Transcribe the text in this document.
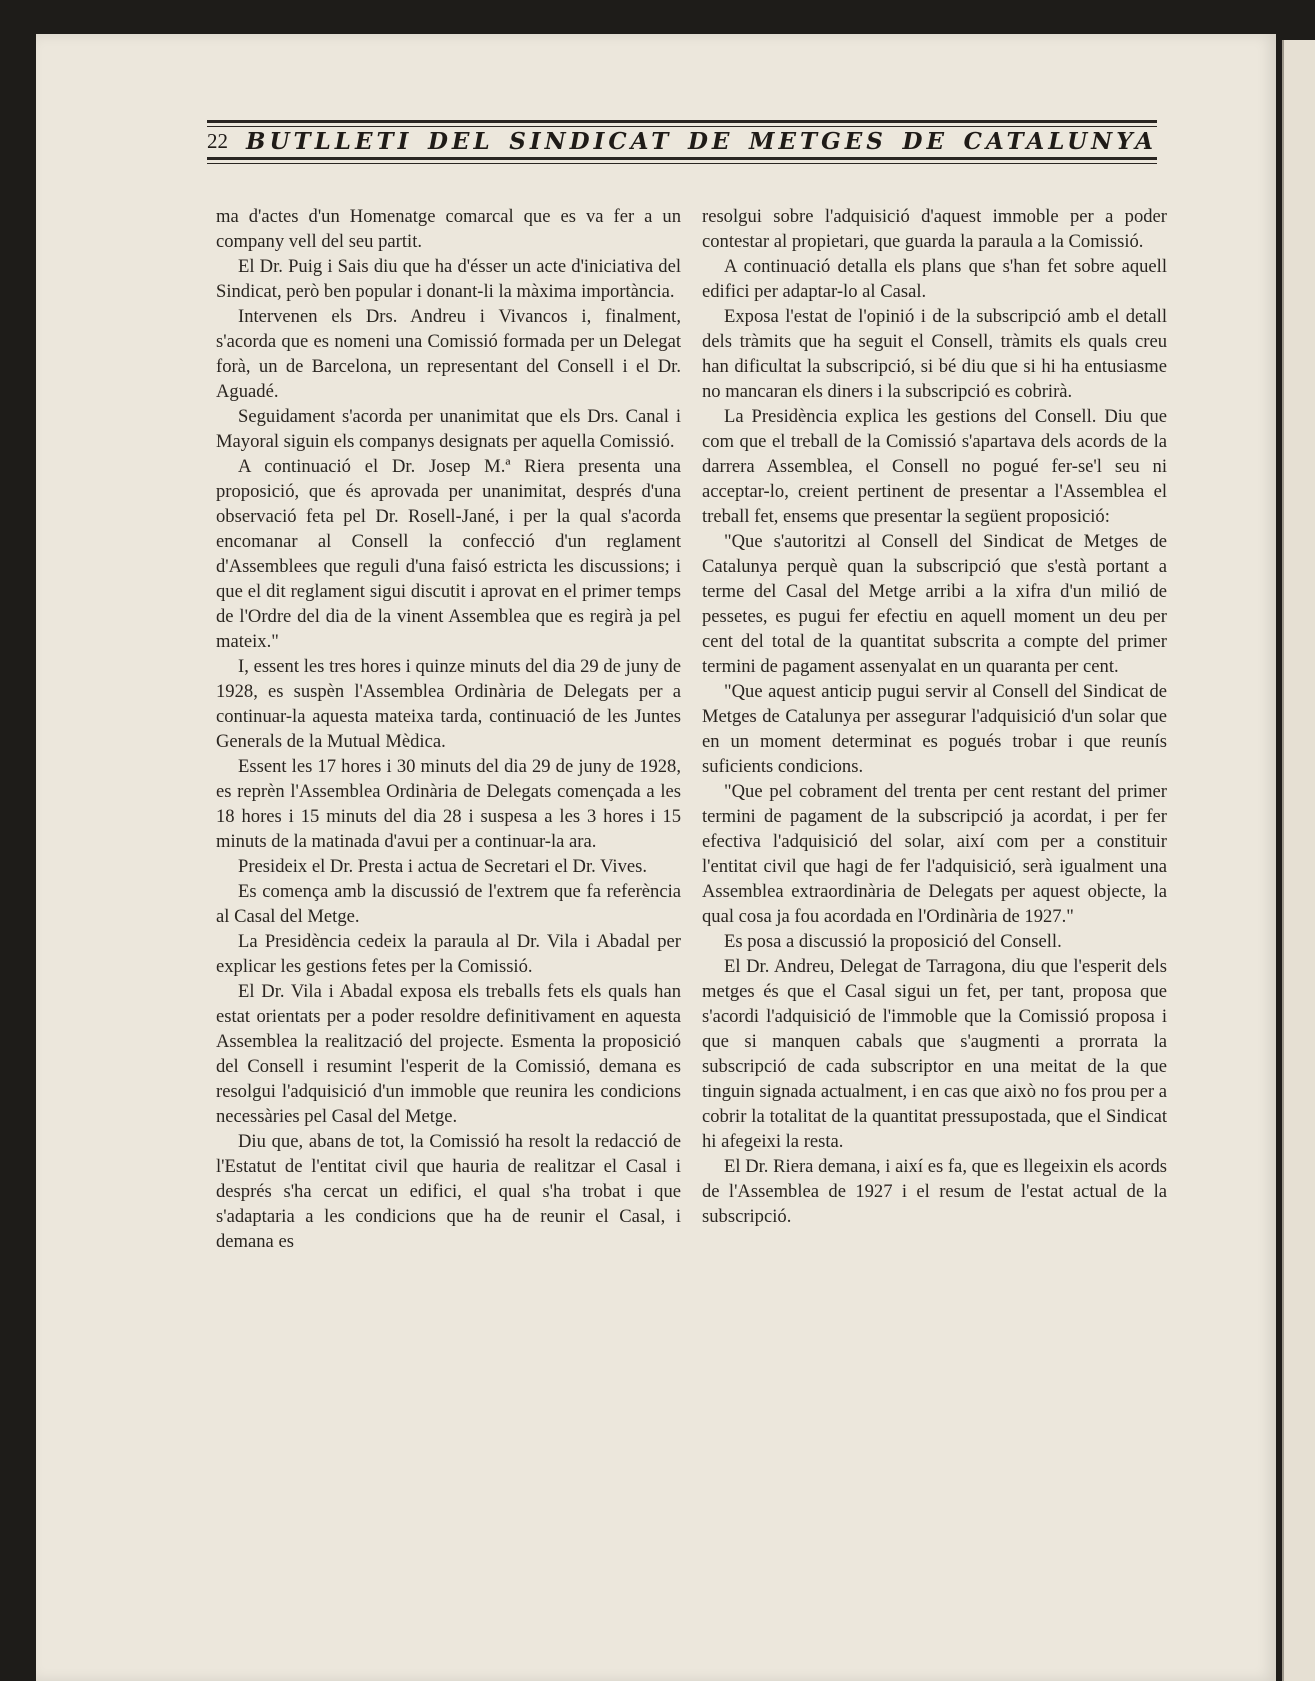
22 BUTLLETI DEL SINDICAT DE METGES DE CATALUNYA

ma d'actes d'un Homenatge comarcal que es va fer a un company vell del seu partit.

El Dr. Puig i Sais diu que ha d'ésser un acte d'iniciativa del Sindicat, però ben popular i donant-li la màxima importància.

Intervenen els Drs. Andreu i Vivancos i, finalment, s'acorda que es nomeni una Comissió formada per un Delegat forà, un de Barcelona, un representant del Consell i el Dr. Aguadé.

Seguidament s'acorda per unanimitat que els Drs. Canal i Mayoral siguin els companys designats per aquella Comissió.

A continuació el Dr. Josep M.ª Riera presenta una proposició, que és aprovada per unanimitat, després d'una observació feta pel Dr. Rosell-Jané, i per la qual s'acorda encomanar al Consell la confecció d'un reglament d'Assemblees que reguli d'una faisó estricta les discussions; i que el dit reglament sigui discutit i aprovat en el primer temps de l'Ordre del dia de la vinent Assemblea que es regirà ja pel mateix."

I, essent les tres hores i quinze minuts del dia 29 de juny de 1928, es suspèn l'Assemblea Ordinària de Delegats per a continuar-la aquesta mateixa tarda, continuació de les Juntes Generals de la Mutual Mèdica.

Essent les 17 hores i 30 minuts del dia 29 de juny de 1928, es reprèn l'Assemblea Ordinària de Delegats començada a les 18 hores i 15 minuts del dia 28 i suspesa a les 3 hores i 15 minuts de la matinada d'avui per a continuar-la ara.

Presideix el Dr. Presta i actua de Secretari el Dr. Vives.

Es comença amb la discussió de l'extrem que fa referència al Casal del Metge.

La Presidència cedeix la paraula al Dr. Vila i Abadal per explicar les gestions fetes per la Comissió.

El Dr. Vila i Abadal exposa els treballs fets els quals han estat orientats per a poder resoldre definitivament en aquesta Assemblea la realització del projecte. Esmenta la proposició del Consell i resumint l'esperit de la Comissió, demana es resolgui l'adquisició d'un immoble que reunira les condicions necessàries pel Casal del Metge.

Diu que, abans de tot, la Comissió ha resolt la redacció de l'Estatut de l'entitat civil que hauria de realitzar el Casal i després s'ha cercat un edifici, el qual s'ha trobat i que s'adaptaria a les condicions que ha de reunir el Casal, i demana es

resolgui sobre l'adquisició d'aquest immoble per a poder contestar al propietari, que guarda la paraula a la Comissió.

A continuació detalla els plans que s'han fet sobre aquell edifici per adaptar-lo al Casal.

Exposa l'estat de l'opinió i de la subscripció amb el detall dels tràmits que ha seguit el Consell, tràmits els quals creu han dificultat la subscripció, si bé diu que si hi ha entusiasme no mancaran els diners i la subscripció es cobrirà.

La Presidència explica les gestions del Consell. Diu que com que el treball de la Comissió s'apartava dels acords de la darrera Assemblea, el Consell no pogué fer-se'l seu ni acceptar-lo, creient pertinent de presentar a l'Assemblea el treball fet, ensems que presentar la següent proposició:

"Que s'autoritzi al Consell del Sindicat de Metges de Catalunya perquè quan la subscripció que s'està portant a terme del Casal del Metge arribi a la xifra d'un milió de pessetes, es pugui fer efectiu en aquell moment un deu per cent del total de la quantitat subscrita a compte del primer termini de pagament assenyalat en un quaranta per cent.

"Que aquest anticip pugui servir al Consell del Sindicat de Metges de Catalunya per assegurar l'adquisició d'un solar que en un moment determinat es pogués trobar i que reunís suficients condicions.

"Que pel cobrament del trenta per cent restant del primer termini de pagament de la subscripció ja acordat, i per fer efectiva l'adquisició del solar, així com per a constituir l'entitat civil que hagi de fer l'adquisició, serà igualment una Assemblea extraordinària de Delegats per aquest objecte, la qual cosa ja fou acordada en l'Ordinària de 1927."

Es posa a discussió la proposició del Consell.

El Dr. Andreu, Delegat de Tarragona, diu que l'esperit dels metges és que el Casal sigui un fet, per tant, proposa que s'acordi l'adquisició de l'immoble que la Comissió proposa i que si manquen cabals que s'augmenti a prorrata la subscripció de cada subscriptor en una meitat de la que tinguin signada actualment, i en cas que això no fos prou per a cobrir la totalitat de la quantitat pressupostada, que el Sindicat hi afegeixi la resta.

El Dr. Riera demana, i així es fa, que es llegeixin els acords de l'Assemblea de 1927 i el resum de l'estat actual de la subscripció.
